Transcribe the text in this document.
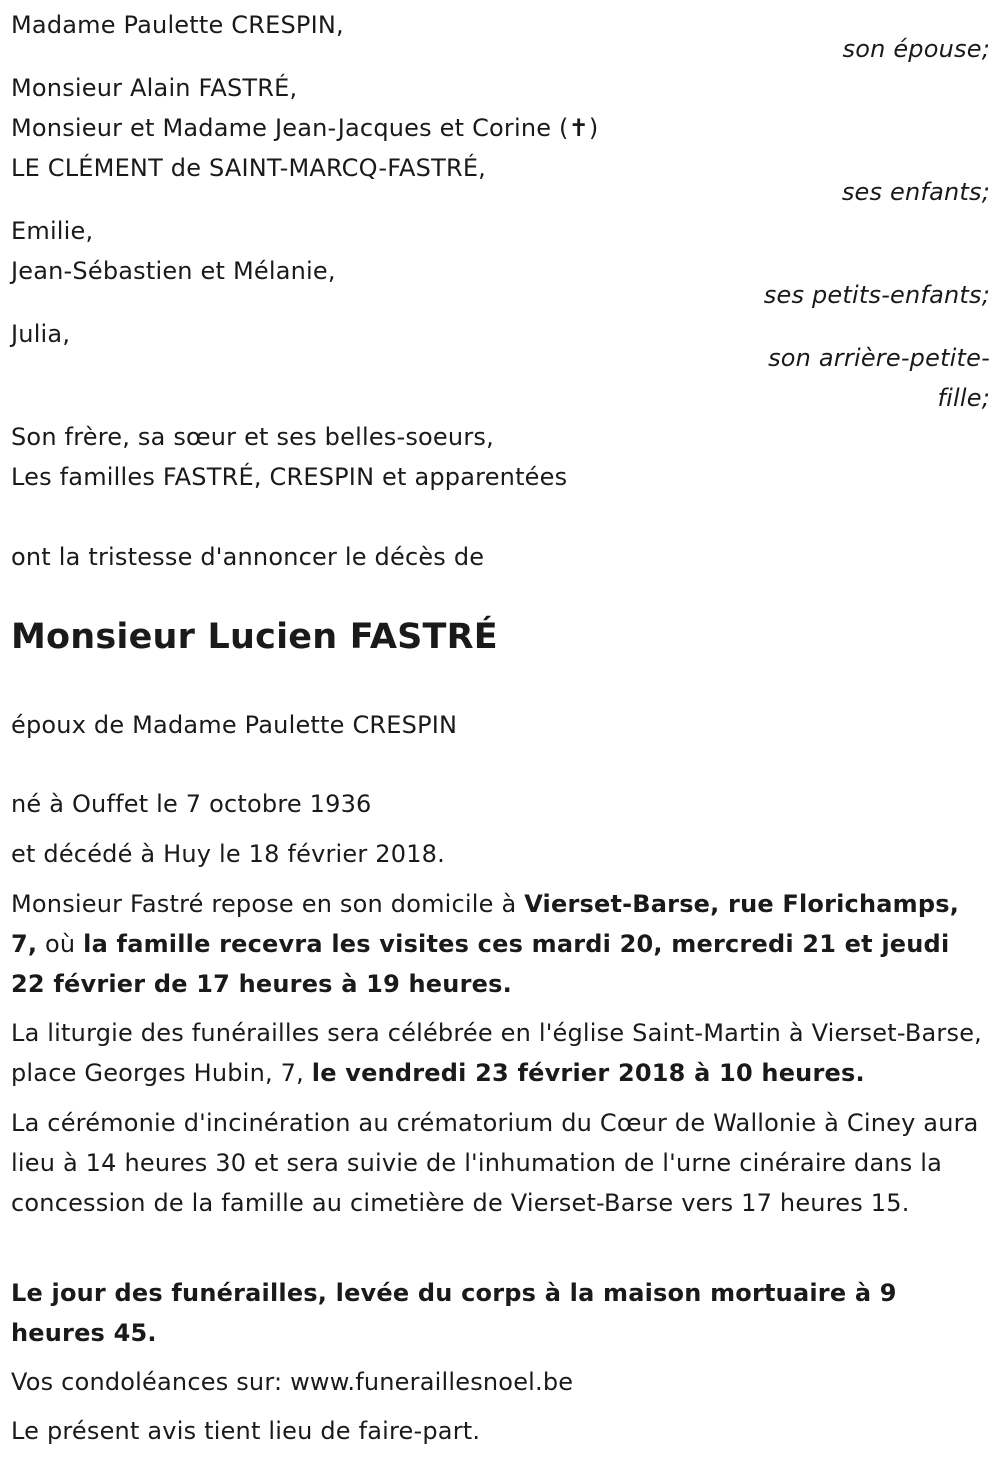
Madame Paulette CRESPIN,
son épouse;
Monsieur Alain FASTRÉ,
Monsieur et Madame Jean-Jacques et Corine (✝)
LE CLÉMENT de SAINT-MARCQ-FASTRÉ,
ses enfants;
Emilie,
Jean-Sébastien et Mélanie,
ses petits-enfants;
Julia,
son arrière-petite-
fille;
Son frère, sa sœur et ses belles-soeurs,
Les familles FASTRÉ, CRESPIN et apparentées
ont la tristesse d'annoncer le décès de
Monsieur Lucien FASTRÉ
époux de Madame Paulette CRESPIN
né à Ouffet le 7 octobre 1936
et décédé à Huy le 18 février 2018.
Monsieur Fastré repose en son domicile à Vierset-Barse, rue Florichamps, 7, où la famille recevra les visites ces mardi 20, mercredi 21 et jeudi 22 février de 17 heures à 19 heures.
La liturgie des funérailles sera célébrée en l'église Saint-Martin à Vierset-Barse, place Georges Hubin, 7, le vendredi 23 février 2018 à 10 heures.
La cérémonie d'incinération au crématorium du Cœur de Wallonie à Ciney aura lieu à 14 heures 30 et sera suivie de l'inhumation de l'urne cinéraire dans la concession de la famille au cimetière de Vierset-Barse vers 17 heures 15.
Le jour des funérailles, levée du corps à la maison mortuaire à 9 heures 45.
Vos condoléances sur: www.funeraillesnoel.be
Le présent avis tient lieu de faire-part.
